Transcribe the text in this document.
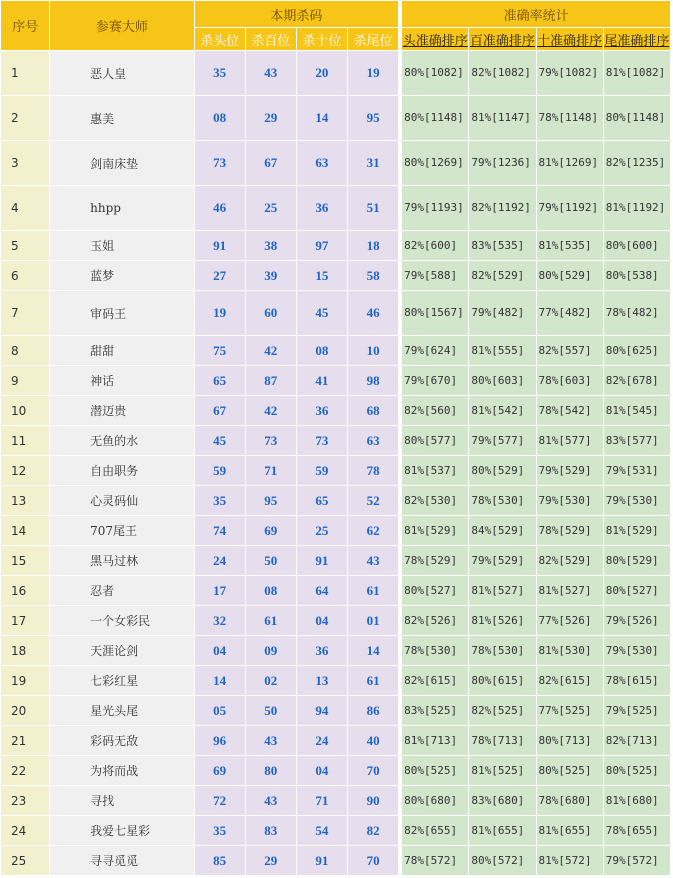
序号	参赛大师	本期杀码					准确率统计			
		杀头位	杀百位	杀十位	杀尾位		头准确排序	百准确排序	十准确排序	尾准确排序
1	恶人皇	35	43	20	19		80%[1082]	82%[1082]	79%[1082]	81%[1082]
2	惠美	08	29	14	95		80%[1148]	81%[1147]	78%[1148]	80%[1148]
3	剑南床垫	73	67	63	31		80%[1269]	79%[1236]	81%[1269]	82%[1235]
4	hhpp	46	25	36	51		79%[1193]	82%[1192]	79%[1192]	81%[1192]
5	玉姐	91	38	97	18		82%[600]	83%[535]	81%[535]	80%[600]
6	蓝梦	27	39	15	58		79%[588]	82%[529]	80%[529]	80%[538]
7	审码王	19	60	45	46		80%[1567]	79%[482]	77%[482]	78%[482]
8	甜甜	75	42	08	10		79%[624]	81%[555]	82%[557]	80%[625]
9	神话	65	87	41	98		79%[670]	80%[603]	78%[603]	82%[678]
10	潜迈贵	67	42	36	68		82%[560]	81%[542]	78%[542]	81%[545]
11	无鱼的水	45	73	73	63		80%[577]	79%[577]	81%[577]	83%[577]
12	自由职务	59	71	59	78		81%[537]	80%[529]	79%[529]	79%[531]
13	心灵码仙	35	95	65	52		82%[530]	78%[530]	79%[530]	79%[530]
14	707尾王	74	69	25	62		81%[529]	84%[529]	78%[529]	81%[529]
15	黑马过林	24	50	91	43		78%[529]	79%[529]	82%[529]	80%[529]
16	忍者	17	08	64	61		80%[527]	81%[527]	81%[527]	80%[527]
17	一个女彩民	32	61	04	01		82%[526]	81%[526]	77%[526]	79%[526]
18	天涯论剑	04	09	36	14		78%[530]	78%[530]	81%[530]	79%[530]
19	七彩红星	14	02	13	61		82%[615]	80%[615]	82%[615]	78%[615]
20	星光头尾	05	50	94	86		83%[525]	82%[525]	77%[525]	79%[525]
21	彩码无敌	96	43	24	40		81%[713]	78%[713]	80%[713]	82%[713]
22	为将而战	69	80	04	70		80%[525]	81%[525]	80%[525]	80%[525]
23	寻找	72	43	71	90		80%[680]	83%[680]	78%[680]	81%[680]
24	我爱七星彩	35	83	54	82		82%[655]	81%[655]	81%[655]	78%[655]
25	寻寻觅觅	85	29	91	70		78%[572]	80%[572]	81%[572]	79%[572]
